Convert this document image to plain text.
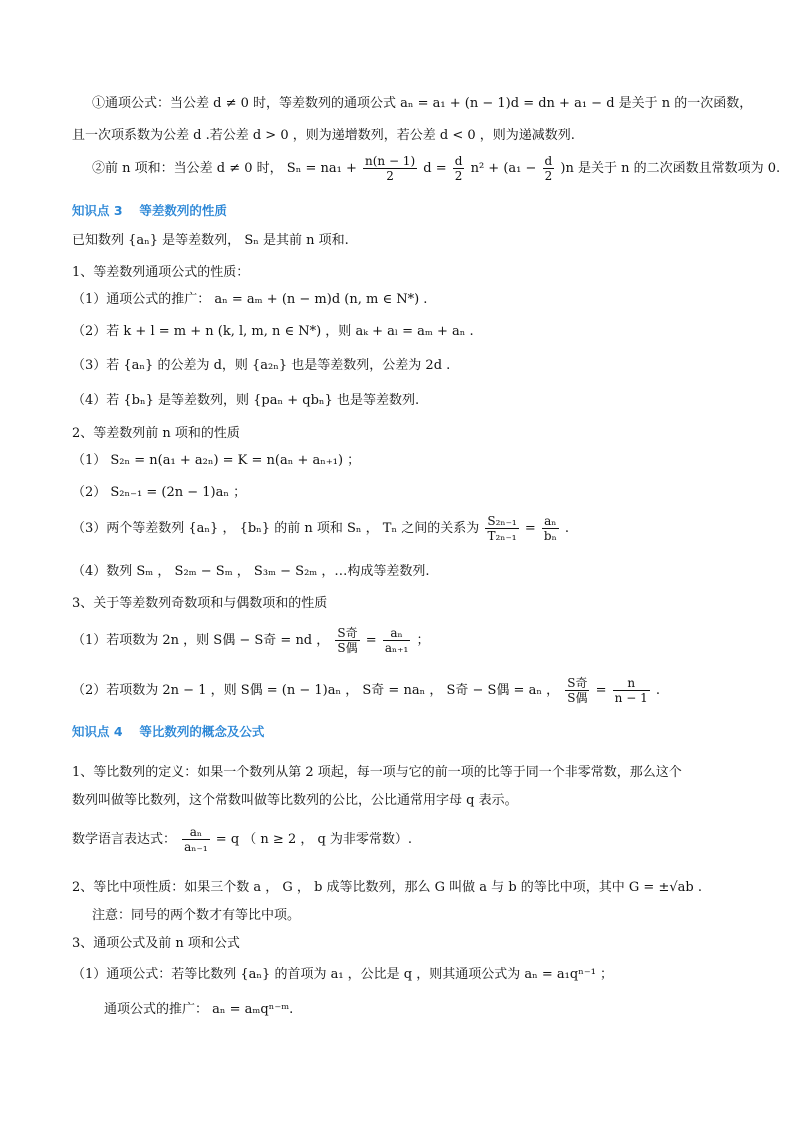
①通项公式：当公差 d ≠ 0 时，等差数列的通项公式 aₙ = a₁ + (n − 1)d = dn + a₁ − d 是关于 n 的一次函数，
且一次项系数为公差 d .若公差 d > 0 ，则为递增数列，若公差 d < 0 ，则为递减数列.
②前 n 项和：当公差 d ≠ 0 时， $S_n = na_1 + \frac{n(n - 1)}{2}$ $d = \frac{d}{2} n^2 + (a_1 - \frac{d}{2} )n$ 是关于 n 的二次函数且常数项为 0.
知识点 3　 等差数列的性质
已知数列 {aₙ} 是等差数列， Sₙ 是其前 n 项和.
1、等差数列通项公式的性质：
（1）通项公式的推广： aₙ = aₘ + (n − m)d (n, m ∈ N*) .
（2）若 k + l = m + n (k, l, m, n ∈ N*) ，则 aₖ + aₗ = aₘ + aₙ .
（3）若 {aₙ} 的公差为 d，则 {a₂ₙ} 也是等差数列，公差为 2d .
（4）若 {bₙ} 是等差数列，则 {paₙ + qbₙ} 也是等差数列.
2、等差数列前 n 项和的性质
（1） S₂ₙ = n(a₁ + a₂ₙ) = K = n(aₙ + aₙ₊₁) ；
（2） S₂ₙ₋₁ = (2n − 1)aₙ ；
（3）两个等差数列 {aₙ} ， {bₙ} 的前 n 项和 Sₙ ， Tₙ 之间的关系为 $\frac{\text{S₂ₙ₋₁}}{\text{T₂ₙ₋₁}} = \frac{\text{aₙ}}{\text{bₙ}}$ .
（4）数列 Sₘ ， S₂ₘ − Sₘ ， S₃ₘ − S₂ₘ ，…构成等差数列.
3、关于等差数列奇数项和与偶数项和的性质
（1）若项数为 2n ，则 S偶 − S奇 = nd ， $\frac{\text{S奇}}{\text{S偶}} = \frac{\text{aₙ}}{\text{aₙ₊₁}}$ ；
（2）若项数为 2n − 1 ，则 S偶 = (n − 1)aₙ ， S奇 = naₙ ， S奇 − S偶 = aₙ ， $\frac{\text{S奇}}{\text{S偶}} = \frac{n}{n - 1}$ .
知识点 4　 等比数列的概念及公式
1、等比数列的定义：如果一个数列从第 2 项起，每一项与它的前一项的比等于同一个非零常数，那么这个
数列叫做等比数列，这个常数叫做等比数列的公比，公比通常用字母 q 表示。
数学语言表达式： $\frac{\text{aₙ}}{\text{aₙ₋₁}} = q$ （ n ≥ 2 ， q 为非零常数）.
2、等比中项性质：如果三个数 a ， G ， b 成等比数列，那么 G 叫做 a 与 b 的等比中项，其中 G = ±√ab .
注意：同号的两个数才有等比中项。
3、通项公式及前 n 项和公式
（1）通项公式：若等比数列 {aₙ} 的首项为 a₁ ，公比是 q ，则其通项公式为 aₙ = a₁qⁿ⁻¹ ；
通项公式的推广： aₙ = aₘqⁿ⁻ᵐ.
